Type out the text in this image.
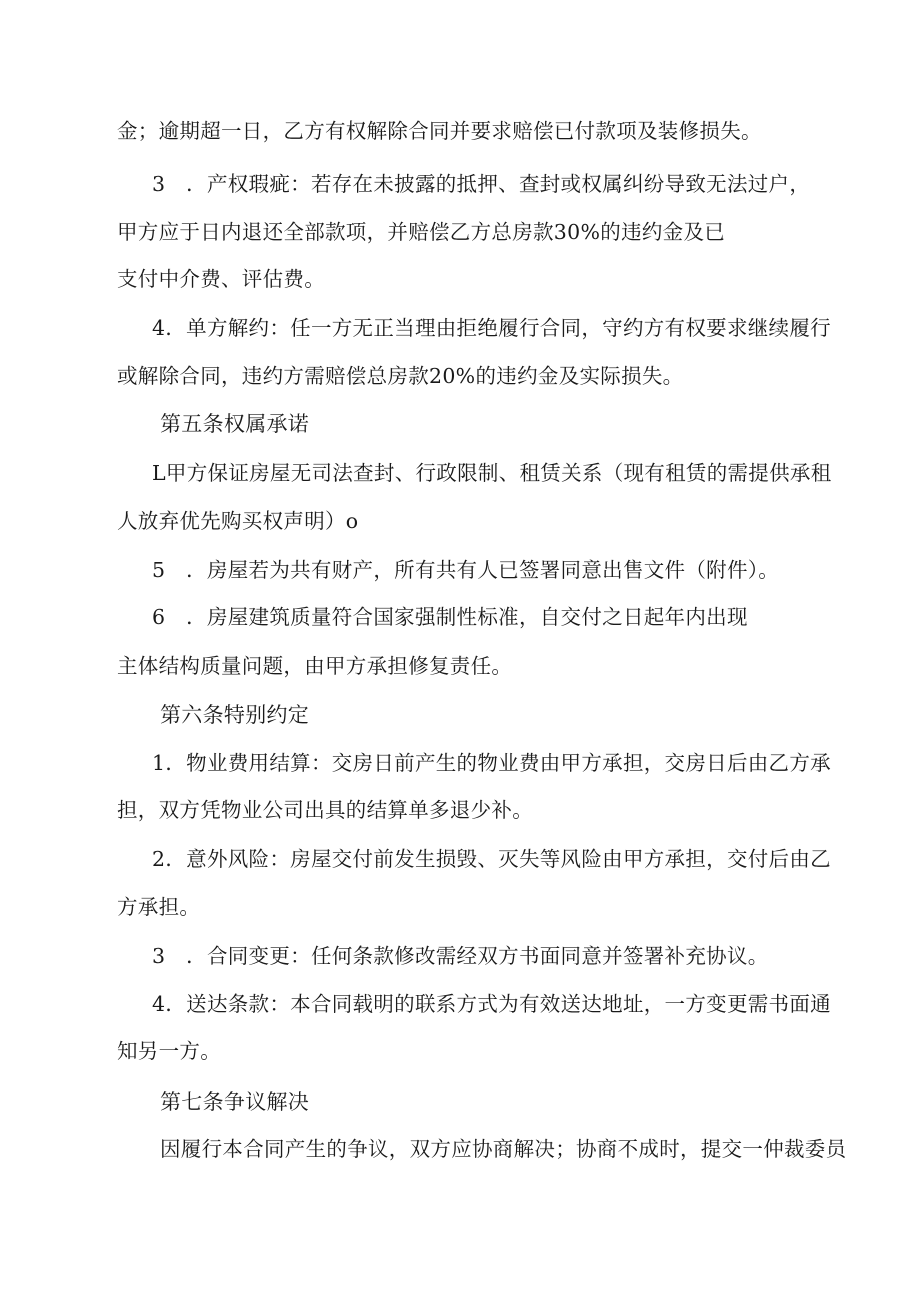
金；逾期超一日，乙方有权解除合同并要求赔偿已付款项及装修损失。
3　．产权瑕疵：若存在未披露的抵押、查封或权属纠纷导致无法过户，
甲方应于日内退还全部款项，并赔偿乙方总房款30%的违约金及已
支付中介费、评估费。
4．单方解约：任一方无正当理由拒绝履行合同，守约方有权要求继续履行
或解除合同，违约方需赔偿总房款20%的违约金及实际损失。
第五条权属承诺
L甲方保证房屋无司法查封、行政限制、租赁关系（现有租赁的需提供承租
人放弃优先购买权声明）o
5　．房屋若为共有财产，所有共有人已签署同意出售文件（附件）。
6　．房屋建筑质量符合国家强制性标准，自交付之日起年内出现
主体结构质量问题，由甲方承担修复责任。
第六条特别约定
1．物业费用结算：交房日前产生的物业费由甲方承担，交房日后由乙方承
担，双方凭物业公司出具的结算单多退少补。
2．意外风险：房屋交付前发生损毁、灭失等风险由甲方承担，交付后由乙
方承担。
3　．合同变更：任何条款修改需经双方书面同意并签署补充协议。
4．送达条款：本合同载明的联系方式为有效送达地址，一方变更需书面通
知另一方。
第七条争议解决
因履行本合同产生的争议，双方应协商解决；协商不成时，提交一仲裁委员
